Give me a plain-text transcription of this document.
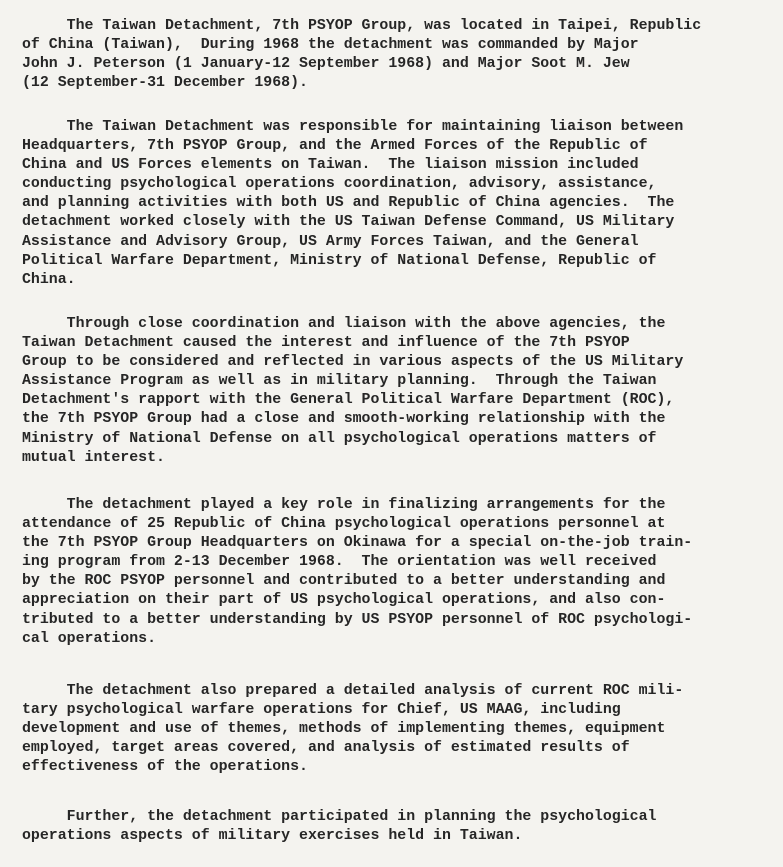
The Taiwan Detachment, 7th PSYOP Group, was located in Taipei, Republic
of China (Taiwan),  During 1968 the detachment was commanded by Major
John J. Peterson (1 January-12 September 1968) and Major Soot M. Jew
(12 September-31 December 1968).
The Taiwan Detachment was responsible for maintaining liaison between
Headquarters, 7th PSYOP Group, and the Armed Forces of the Republic of
China and US Forces elements on Taiwan.  The liaison mission included
conducting psychological operations coordination, advisory, assistance,
and planning activities with both US and Republic of China agencies.  The
detachment worked closely with the US Taiwan Defense Command, US Military
Assistance and Advisory Group, US Army Forces Taiwan, and the General
Political Warfare Department, Ministry of National Defense, Republic of
China.
Through close coordination and liaison with the above agencies, the
Taiwan Detachment caused the interest and influence of the 7th PSYOP
Group to be considered and reflected in various aspects of the US Military
Assistance Program as well as in military planning.  Through the Taiwan
Detachment's rapport with the General Political Warfare Department (ROC),
the 7th PSYOP Group had a close and smooth-working relationship with the
Ministry of National Defense on all psychological operations matters of
mutual interest.
The detachment played a key role in finalizing arrangements for the
attendance of 25 Republic of China psychological operations personnel at
the 7th PSYOP Group Headquarters on Okinawa for a special on-the-job train-
ing program from 2-13 December 1968.  The orientation was well received
by the ROC PSYOP personnel and contributed to a better understanding and
appreciation on their part of US psychological operations, and also con-
tributed to a better understanding by US PSYOP personnel of ROC psychologi-
cal operations.
The detachment also prepared a detailed analysis of current ROC mili-
tary psychological warfare operations for Chief, US MAAG, including
development and use of themes, methods of implementing themes, equipment
employed, target areas covered, and analysis of estimated results of
effectiveness of the operations.
Further, the detachment participated in planning the psychological
operations aspects of military exercises held in Taiwan.
